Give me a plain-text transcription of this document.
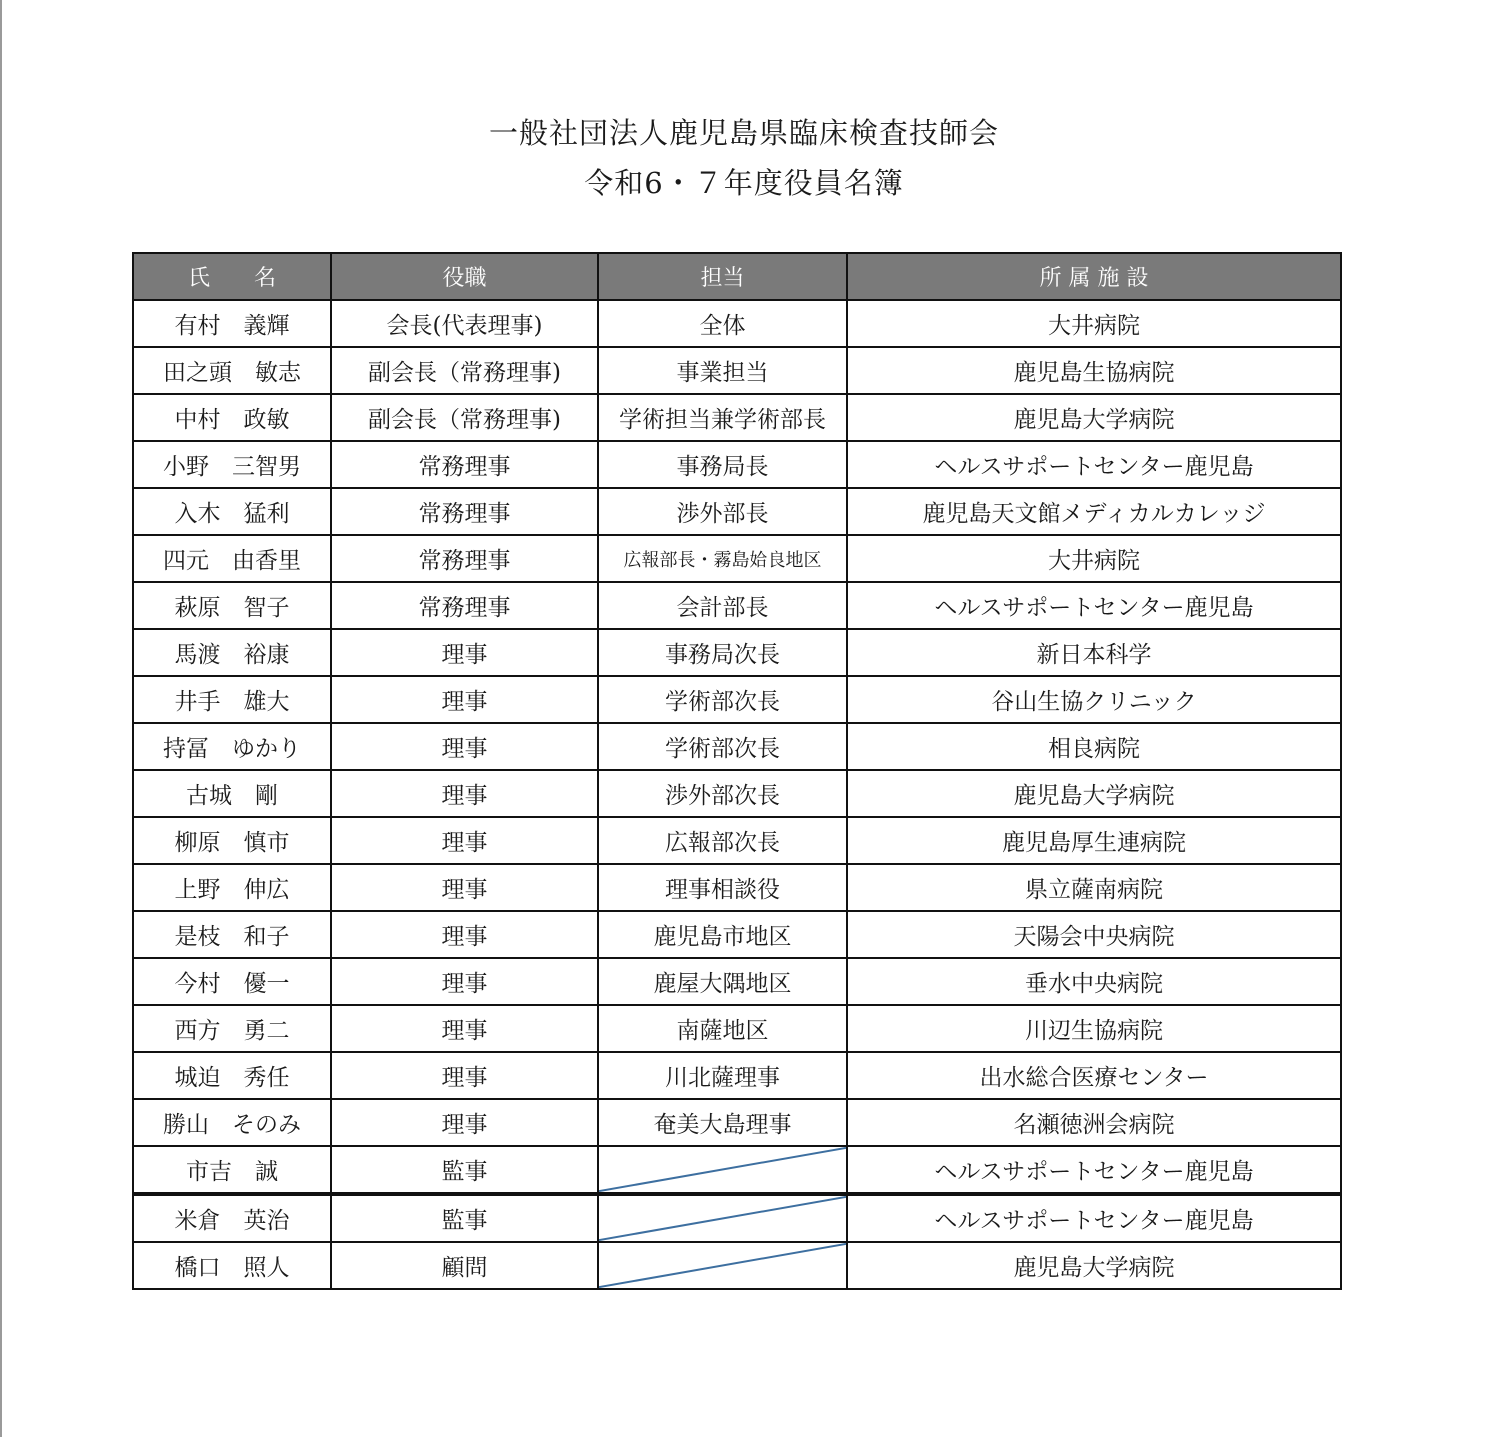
一般社団法人鹿児島県臨床検査技師会
令和6・７年度役員名簿
氏　　名	役職	担当	所 属 施 設
有村　義輝	会長(代表理事)	全体	大井病院
田之頭　敏志	副会長（常務理事)	事業担当	鹿児島生協病院
中村　政敏	副会長（常務理事)	学術担当兼学術部長	鹿児島大学病院
小野　三智男	常務理事	事務局長	ヘルスサポートセンター鹿児島
入木　猛利	常務理事	渉外部長	鹿児島天文館メディカルカレッジ
四元　由香里	常務理事	広報部長・霧島姶良地区	大井病院
萩原　智子	常務理事	会計部長	ヘルスサポートセンター鹿児島
馬渡　裕康	理事	事務局次長	新日本科学
井手　雄大	理事	学術部次長	谷山生協クリニック
持冨　ゆかり	理事	学術部次長	相良病院
古城　剛	理事	渉外部次長	鹿児島大学病院
柳原　慎市	理事	広報部次長	鹿児島厚生連病院
上野　伸広	理事	理事相談役	県立薩南病院
是枝　和子	理事	鹿児島市地区	天陽会中央病院
今村　優一	理事	鹿屋大隅地区	垂水中央病院
西方　勇二	理事	南薩地区	川辺生協病院
城迫　秀任	理事	川北薩理事	出水総合医療センター
勝山　そのみ	理事	奄美大島理事	名瀬徳洲会病院
市吉　誠	監事		ヘルスサポートセンター鹿児島
米倉　英治	監事		ヘルスサポートセンター鹿児島
橋口　照人	顧問		鹿児島大学病院
